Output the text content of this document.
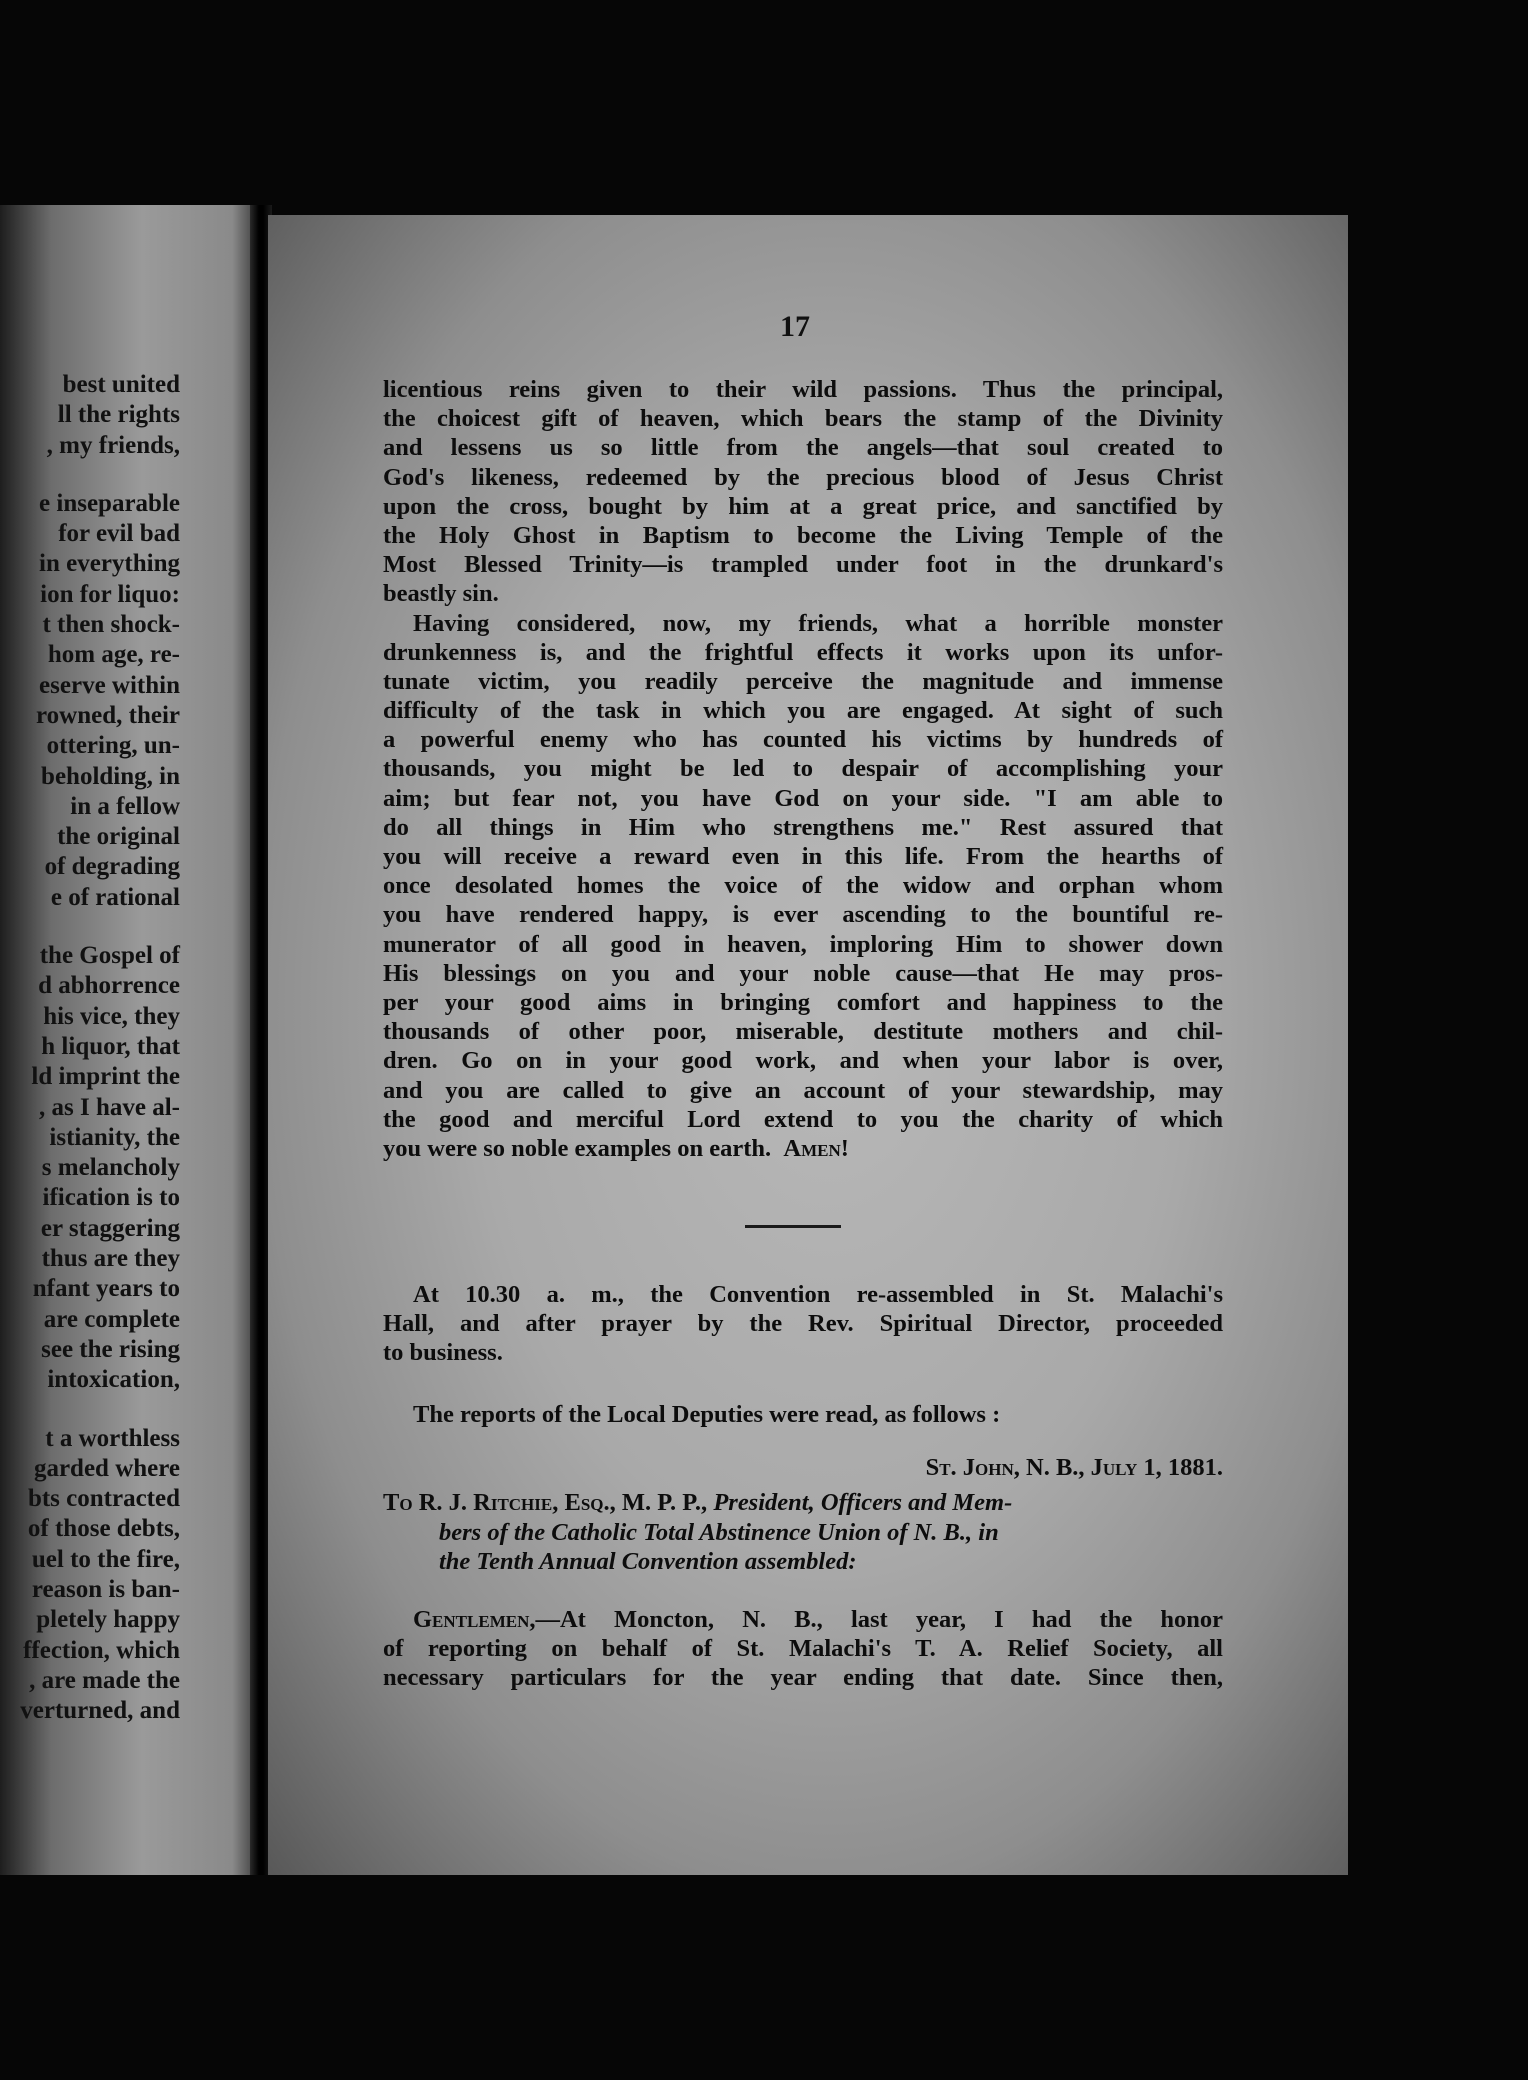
best united
ll the rights
, my friends,
e inseparable
for evil bad
in everything
ion for liquo:
t then shock-
hom age, re-
eserve within
rowned, their
ottering, un-
beholding, in
in a fellow
the original
of degrading
e of rational
the Gospel of
d abhorrence
his vice, they
h liquor, that
ld imprint the
, as I have al-
istianity, the
s melancholy
ification is to
er staggering
thus are they
nfant years to
are complete
see the rising
intoxication,
t a worthless
garded where
bts contracted
of those debts,
uel to the fire,
reason is ban-
pletely happy
ffection, which
, are made the
verturned, and
17
licentious reins given to their wild passions. Thus the principal,
the choicest gift of heaven, which bears the stamp of the Divinity
and lessens us so little from the angels—that soul created to
God's likeness, redeemed by the precious blood of Jesus Christ
upon the cross, bought by him at a great price, and sanctified by
the Holy Ghost in Baptism to become the Living Temple of the
Most Blessed Trinity—is trampled under foot in the drunkard's
beastly sin.
Having considered, now, my friends, what a horrible monster
drunkenness is, and the frightful effects it works upon its unfor-
tunate victim, you readily perceive the magnitude and immense
difficulty of the task in which you are engaged. At sight of such
a powerful enemy who has counted his victims by hundreds of
thousands, you might be led to despair of accomplishing your
aim; but fear not, you have God on your side. "I am able to
do all things in Him who strengthens me." Rest assured that
you will receive a reward even in this life. From the hearths of
once desolated homes the voice of the widow and orphan whom
you have rendered happy, is ever ascending to the bountiful re-
munerator of all good in heaven, imploring Him to shower down
His blessings on you and your noble cause—that He may pros-
per your good aims in bringing comfort and happiness to the
thousands of other poor, miserable, destitute mothers and chil-
dren. Go on in your good work, and when your labor is over,
and you are called to give an account of your stewardship, may
the good and merciful Lord extend to you the charity of which
you were so noble examples on earth. Amen!
At 10.30 a. m., the Convention re-assembled in St. Malachi's
Hall, and after prayer by the Rev. Spiritual Director, proceeded
to business.
The reports of the Local Deputies were read, as follows :
St. John, N. B., July 1, 1881.
To R. J. Ritchie, Esq., M. P. P., President, Officers and Mem-
bers of the Catholic Total Abstinence Union of N. B., in
the Tenth Annual Convention assembled:
Gentlemen,—At Moncton, N. B., last year, I had the honor
of reporting on behalf of St. Malachi's T. A. Relief Society, all
necessary particulars for the year ending that date. Since then,
